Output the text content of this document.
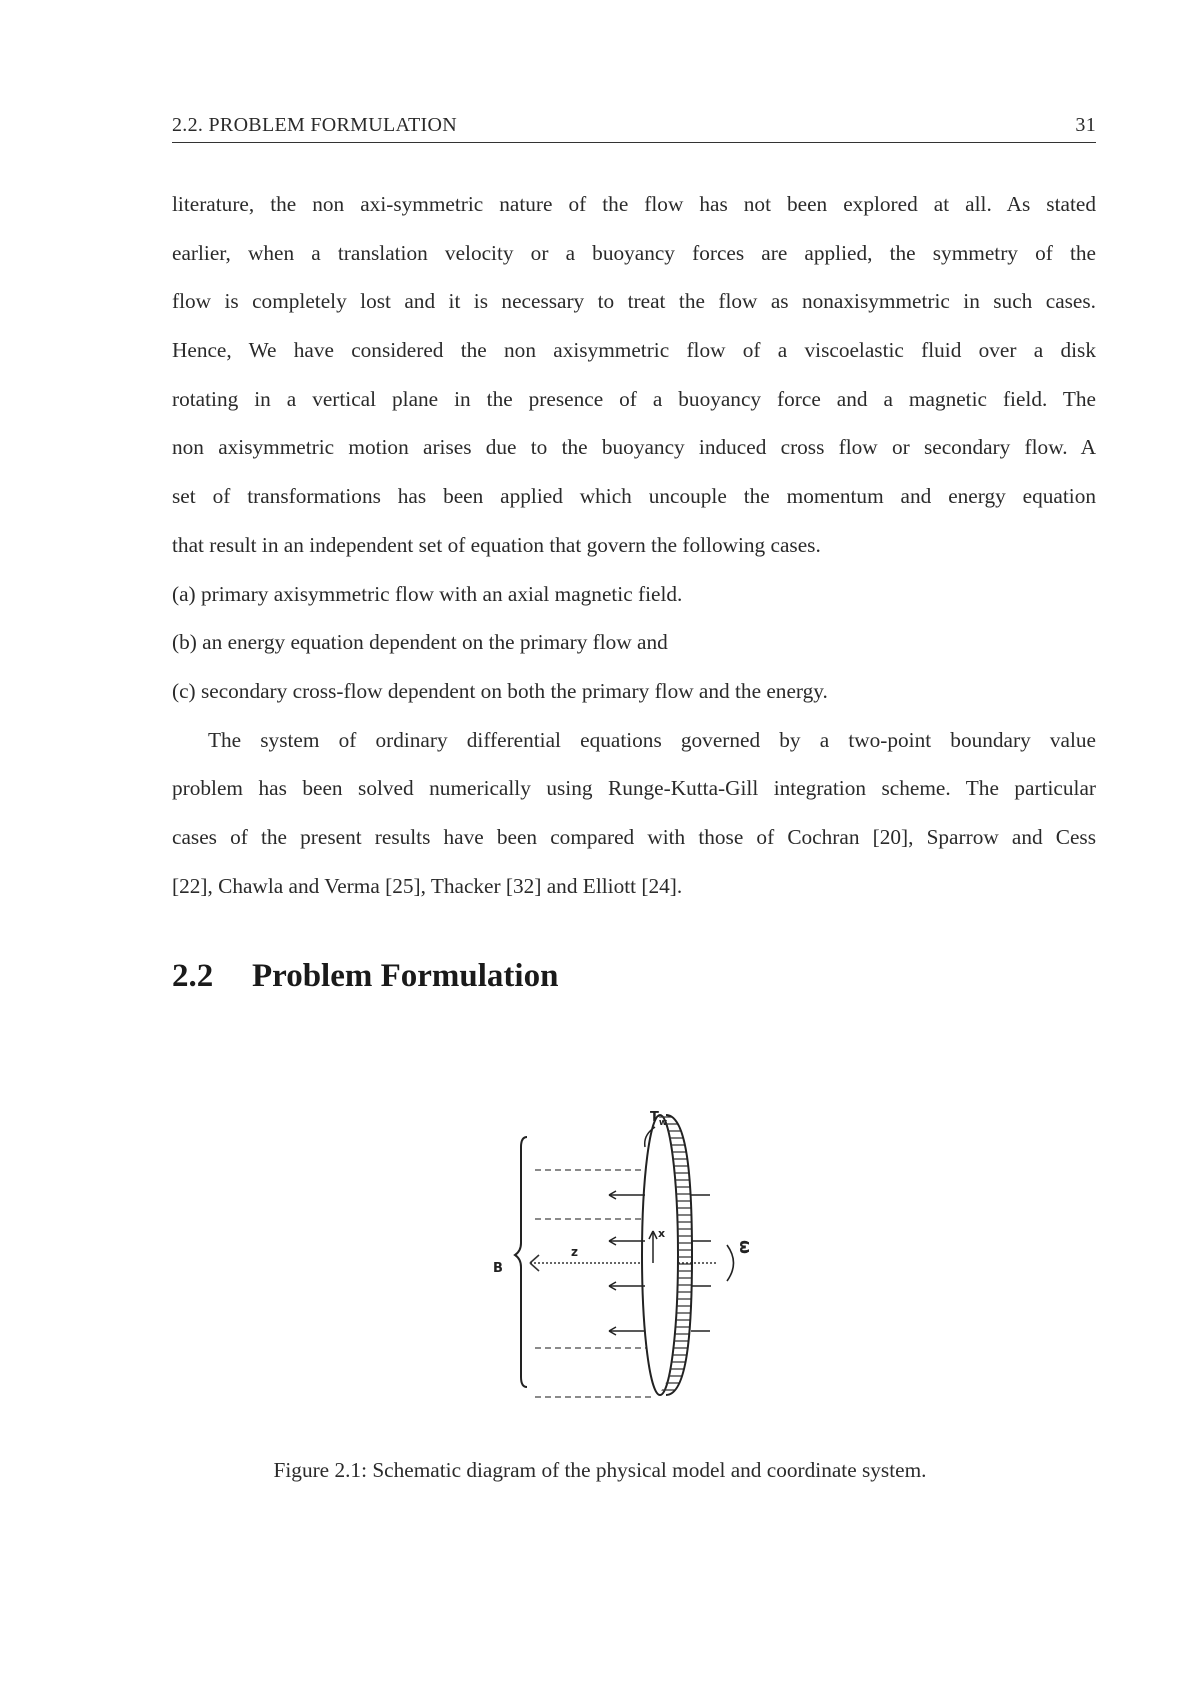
2.2. PROBLEM FORMULATION	31
literature, the non axi-symmetric nature of the flow has not been explored at all. As stated
earlier, when a translation velocity or a buoyancy forces are applied, the symmetry of the
flow is completely lost and it is necessary to treat the flow as nonaxisymmetric in such cases.
Hence, We have considered the non axisymmetric flow of a viscoelastic fluid over a disk
rotating in a vertical plane in the presence of a buoyancy force and a magnetic field. The
non axisymmetric motion arises due to the buoyancy induced cross flow or secondary flow. A
set of transformations has been applied which uncouple the momentum and energy equation
that result in an independent set of equation that govern the following cases.
(a) primary axisymmetric flow with an axial magnetic field.
(b) an energy equation dependent on the primary flow and
(c) secondary cross-flow dependent on both the primary flow and the energy.
The system of ordinary differential equations governed by a two-point boundary value
problem has been solved numerically using Runge-Kutta-Gill integration scheme. The particular
cases of the present results have been compared with those of Cochran [20], Sparrow and Cess
[22], Chawla and Verma [25], Thacker [32] and Elliott [24].
2.2 Problem Formulation
$T_w$
z
x
ω
B
Figure 2.1: Schematic diagram of the physical model and coordinate system.
